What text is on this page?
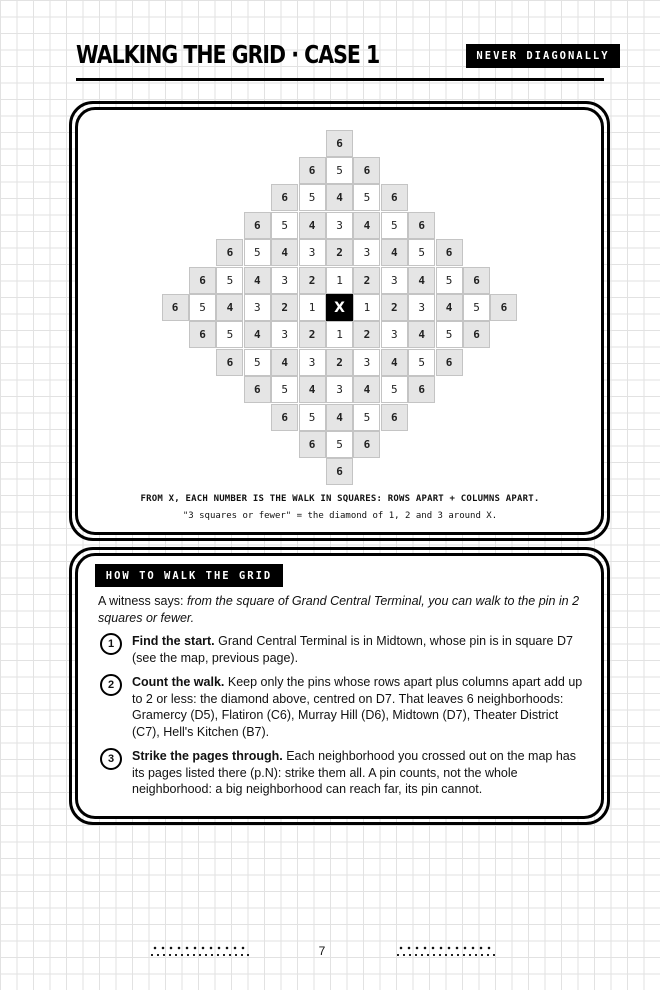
WALKING THE GRID · CASE 1	NEVER DIAGONALLY
6
6	5	6
6	5	4	5	6
6	5	4	3	4	5	6
6	5	4	3	2	3	4	5	6
6	5	4	3	2	1	2	3	4	5	6
6	5	4	3	2	1	X	1	2	3	4	5	6
6	5	4	3	2	1	2	3	4	5	6
6	5	4	3	2	3	4	5	6
6	5	4	3	4	5	6
6	5	4	5	6
6	5	6
6
FROM X, EACH NUMBER IS THE WALK IN SQUARES: ROWS APART + COLUMNS APART.
"3 squares or fewer" = the diamond of 1, 2 and 3 around X.
HOW TO WALK THE GRID
A witness says: from the square of Grand Central Terminal, you can walk to the pin in 2 squares or fewer.
1	Find the start. Grand Central Terminal is in Midtown, whose pin is in square D7 (see the map, previous page).
2	Count the walk. Keep only the pins whose rows apart plus columns apart add up to 2 or less: the diamond above, centred on D7. That leaves 6 neighborhoods: Gramercy (D5), Flatiron (C6), Murray Hill (D6), Midtown (D7), Theater District (C7), Hell's Kitchen (B7).
3	Strike the pages through. Each neighborhood you crossed out on the map has its pages listed there (p.N): strike them all. A pin counts, not the whole neighborhood: a big neighborhood can reach far, its pin cannot.
7
